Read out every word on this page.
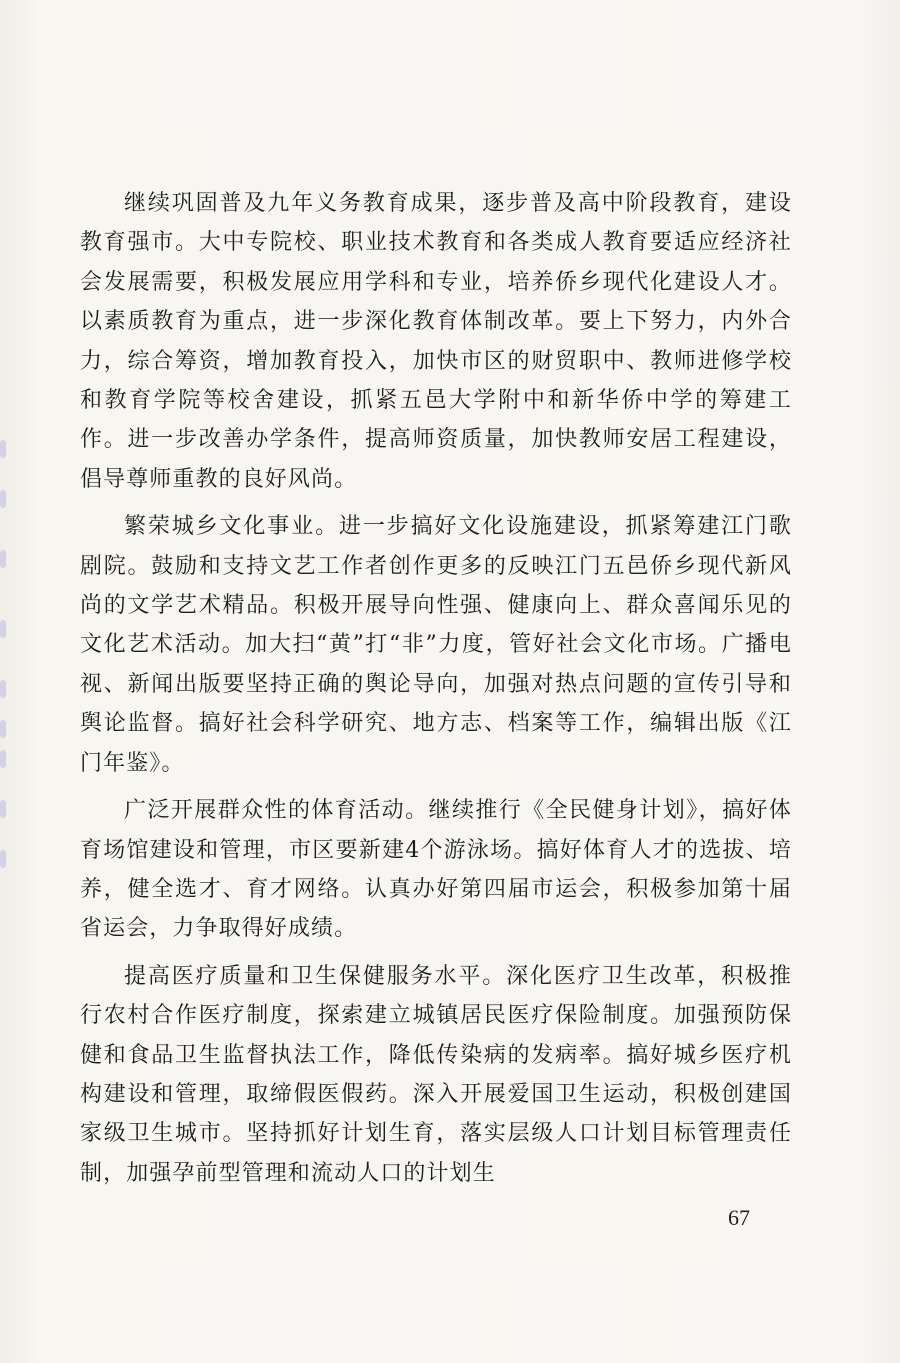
继续巩固普及九年义务教育成果，逐步普及高中阶段教育，建设教育强市。大中专院校、职业技术教育和各类成人教育要适应经济社会发展需要，积极发展应用学科和专业，培养侨乡现代化建设人才。以素质教育为重点，进一步深化教育体制改革。要上下努力，内外合力，综合筹资，增加教育投入，加快市区的财贸职中、教师进修学校和教育学院等校舍建设，抓紧五邑大学附中和新华侨中学的筹建工作。进一步改善办学条件，提高师资质量，加快教师安居工程建设，倡导尊师重教的良好风尚。

繁荣城乡文化事业。进一步搞好文化设施建设，抓紧筹建江门歌剧院。鼓励和支持文艺工作者创作更多的反映江门五邑侨乡现代新风尚的文学艺术精品。积极开展导向性强、健康向上、群众喜闻乐见的文化艺术活动。加大扫“黄”打“非”力度，管好社会文化市场。广播电视、新闻出版要坚持正确的舆论导向，加强对热点问题的宣传引导和舆论监督。搞好社会科学研究、地方志、档案等工作，编辑出版《江门年鉴》。

广泛开展群众性的体育活动。继续推行《全民健身计划》，搞好体育场馆建设和管理，市区要新建4个游泳场。搞好体育人才的选拔、培养，健全选才、育才网络。认真办好第四届市运会，积极参加第十届省运会，力争取得好成绩。

提高医疗质量和卫生保健服务水平。深化医疗卫生改革，积极推行农村合作医疗制度，探索建立城镇居民医疗保险制度。加强预防保健和食品卫生监督执法工作，降低传染病的发病率。搞好城乡医疗机构建设和管理，取缔假医假药。深入开展爱国卫生运动，积极创建国家级卫生城市。坚持抓好计划生育，落实层级人口计划目标管理责任制，加强孕前型管理和流动人口的计划生

67
